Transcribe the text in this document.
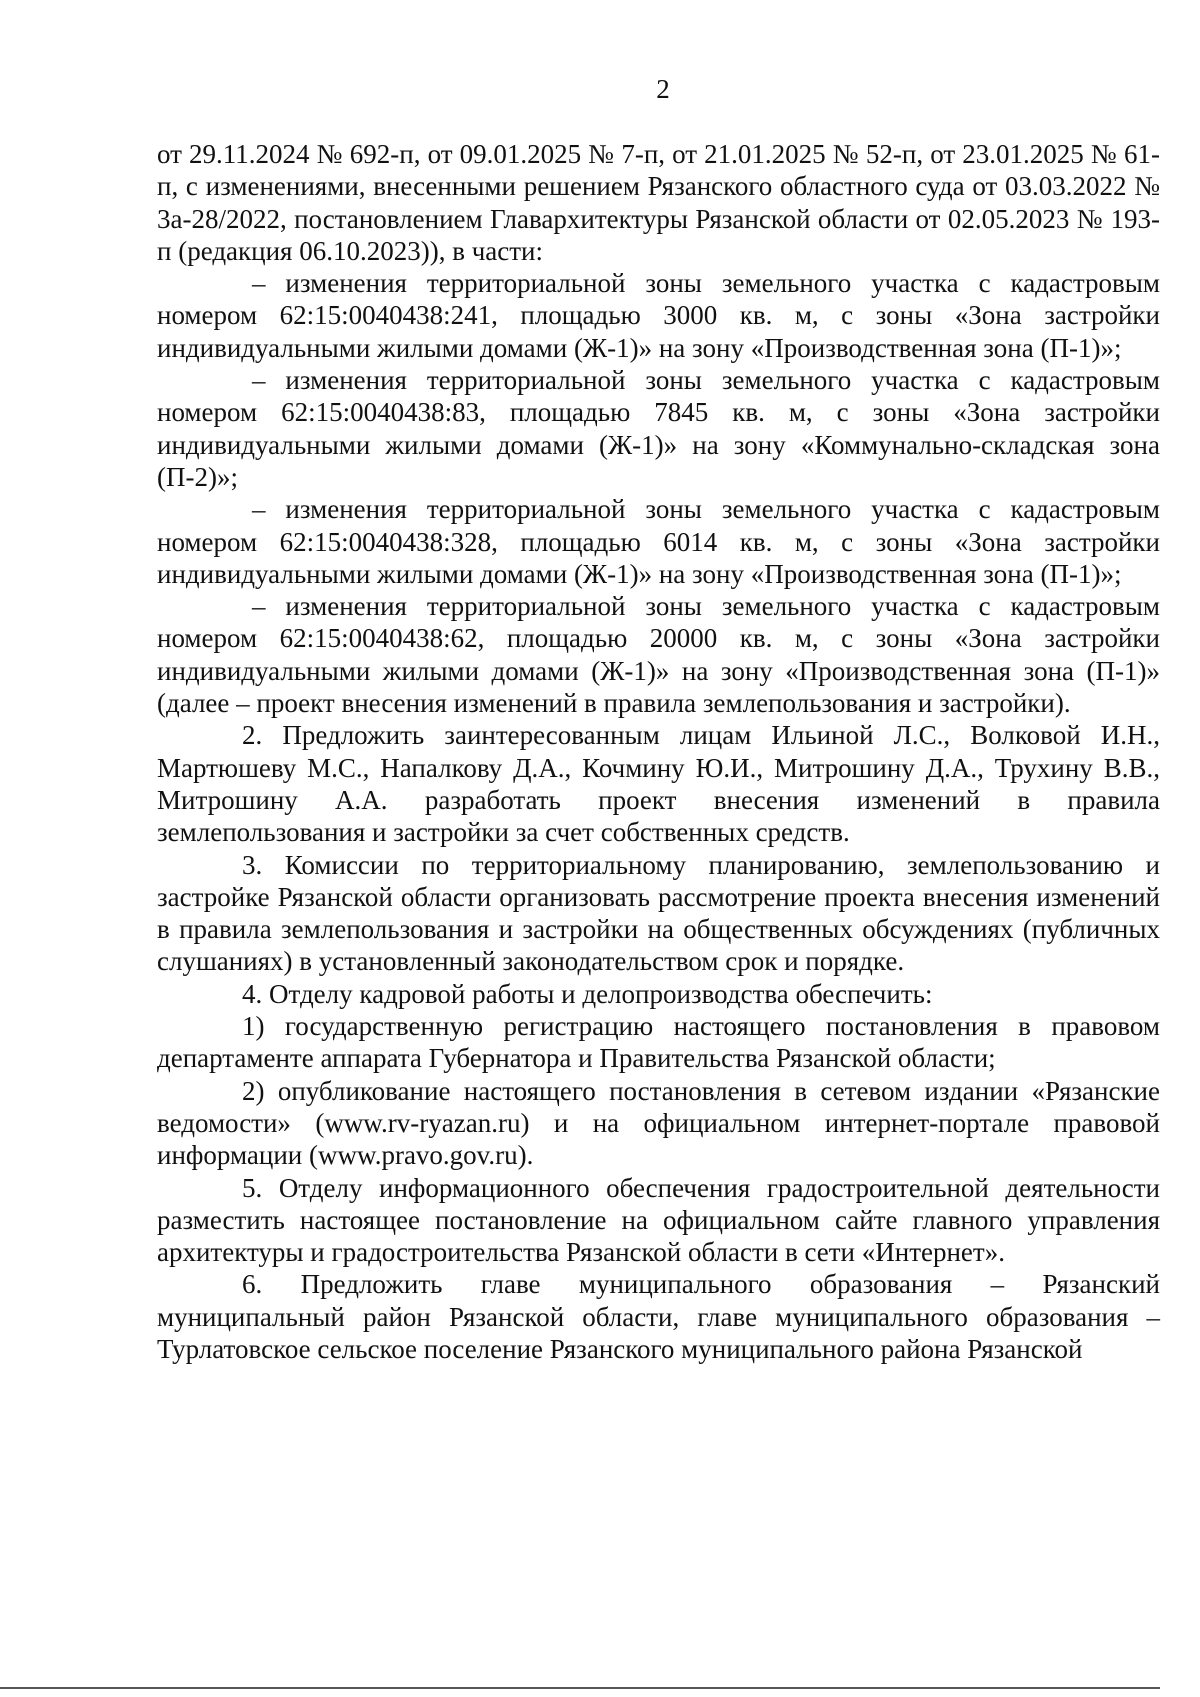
2

от 29.11.2024 № 692-п, от 09.01.2025 № 7-п, от 21.01.2025 № 52-п, от 23.01.2025 № 61-п, с изменениями, внесенными решением Рязанского областного суда от 03.03.2022 № 3а-28/2022, постановлением Главархитектуры Рязанской области от 02.05.2023 № 193-п (редакция 06.10.2023)), в части:

– изменения территориальной зоны земельного участка с кадастровым номером 62:15:0040438:241, площадью 3000 кв. м, с зоны «Зона застройки индивидуальными жилыми домами (Ж-1)» на зону «Производственная зона (П-1)»;

– изменения территориальной зоны земельного участка с кадастровым номером 62:15:0040438:83, площадью 7845 кв. м, с зоны «Зона застройки индивидуальными жилыми домами (Ж-1)» на зону «Коммунально-складская зона (П-2)»;

– изменения территориальной зоны земельного участка с кадастровым номером 62:15:0040438:328, площадью 6014 кв. м, с зоны «Зона застройки индивидуальными жилыми домами (Ж-1)» на зону «Производственная зона (П-1)»;

– изменения территориальной зоны земельного участка с кадастровым номером 62:15:0040438:62, площадью 20000 кв. м, с зоны «Зона застройки индивидуальными жилыми домами (Ж-1)» на зону «Производственная зона (П-1)» (далее – проект внесения изменений в правила землепользования и застройки).

2. Предложить заинтересованным лицам Ильиной Л.С., Волковой И.Н., Мартюшеву М.С., Напалкову Д.А., Кочмину Ю.И., Митрошину Д.А., Трухину В.В., Митрошину А.А. разработать проект внесения изменений в правила землепользования и застройки за счет собственных средств.

3. Комиссии по территориальному планированию, землепользованию и застройке Рязанской области организовать рассмотрение проекта внесения изменений в правила землепользования и застройки на общественных обсуждениях (публичных слушаниях) в установленный законодательством срок и порядке.

4. Отделу кадровой работы и делопроизводства обеспечить:

1) государственную регистрацию настоящего постановления в правовом департаменте аппарата Губернатора и Правительства Рязанской области;

2) опубликование настоящего постановления в сетевом издании «Рязанские ведомости» (www.rv-ryazan.ru) и на официальном интернет-портале правовой информации (www.pravo.gov.ru).

5. Отделу информационного обеспечения градостроительной деятельности разместить настоящее постановление на официальном сайте главного управления архитектуры и градостроительства Рязанской области в сети «Интернет».

6. Предложить главе муниципального образования – Рязанский муниципальный район Рязанской области, главе муниципального образования – Турлатовское сельское поселение Рязанского муниципального района Рязанской
